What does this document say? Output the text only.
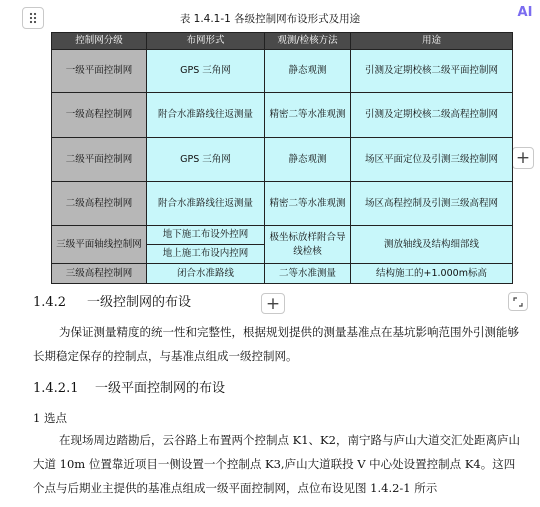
AI
+
+
表 1.4.1-1 各级控制网布设形式及用途
控制网分级	布网形式	观测/检核方法	用途
一级平面控制网	GPS 三角网	静态观测	引测及定期校核二级平面控制网
一级高程控制网	附合水准路线往返测量	精密二等水准观测	引测及定期校核二级高程控制网
二级平面控制网	GPS 三角网	静态观测	场区平面定位及引测三级控制网
二级高程控制网	附合水准路线往返测量	精密二等水准观测	场区高程控制及引测三级高程网
三级平面轴线控制网	地下施工布设外控网	极坐标放样附合导线检核	测放轴线及结构细部线
	地上施工布设内控网		
三级高程控制网	闭合水准路线	二等水准测量	结构施工的+1.000m标高
1.4.2 一级控制网的布设
为保证测量精度的统一性和完整性，根据规划提供的测量基准点在基坑影响范围外引测能够长期稳定保存的控制点，与基准点组成一级控制网。
1.4.2.1 一级平面控制网的布设
1 选点
在现场周边踏勘后，云谷路上布置两个控制点 K1、K2，南宁路与庐山大道交汇处距离庐山大道 10m 位置靠近项目一侧设置一个控制点 K3,庐山大道联投 V 中心处设置控制点 K4。这四个点与后期业主提供的基准点组成一级平面控制网，点位布设见图 1.4.2-1 所示
